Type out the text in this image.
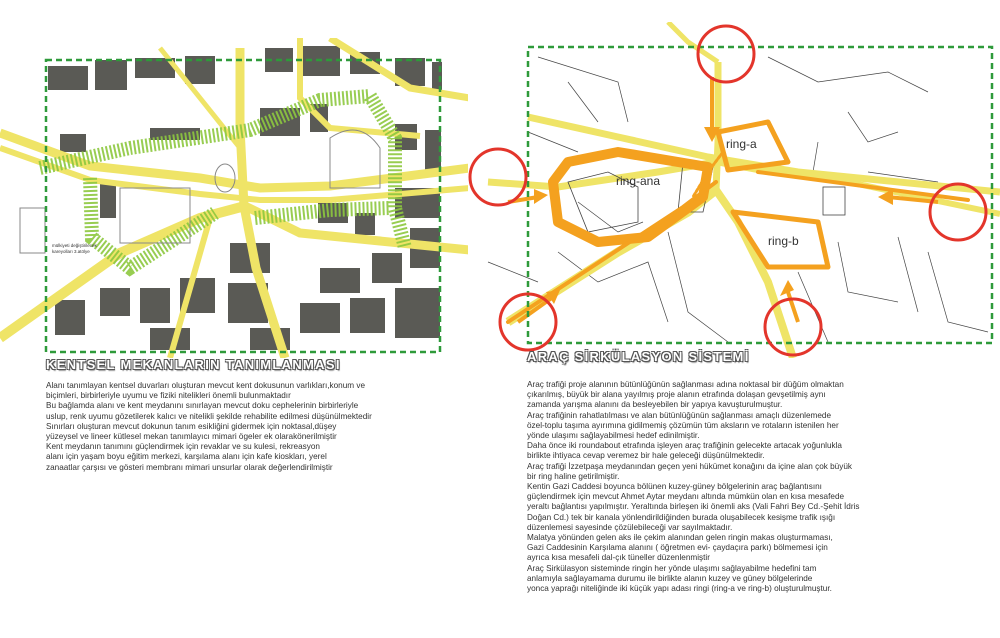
mülkiyeti değiştirilecek
kareyolları 3.atölye
ring-a
ring-ana
ring-b
KENTSEL MEKANLARIN TANIMLANMASI
ARAÇ SİRKÜLASYON SİSTEMİ

Alanı tanımlayan kentsel duvarları oluşturan mevcut kent dokusunun varlıkları,konum ve

biçimleri, birbirleriyle uyumu ve fiziki nitelikleri önemli bulunmaktadır

Bu bağlamda alanı ve kent meydanını sınırlayan mevcut doku cephelerinin birbirleriyle

uslup, renk uyumu gözetilerek kalıcı ve nitelikli şekilde rehabilite edilmesi düşünülmektedir

Sınırları oluşturan mevcut dokunun tanım esikliğini gidermek için noktasal,düşey

yüzeysel ve lineer kütlesel mekan tanımlayıcı mimari ögeler ek olarakönerilmiştir

Kent meydanın tanımını güçlendirmek için revaklar ve su kulesi, rekreasyon

alanı için yaşam boyu eğitim merkezi, karşılama alanı için kafe kioskları, yerel

zanaatlar çarşısı ve gösteri membranı mimari unsurlar olarak değerlendirilmiştir

Araç trafiği proje alanının bütünlüğünün sağlanması adına noktasal bir düğüm olmaktan

çıkarılmış, büyük bir alana yayılmış proje alanın etrafında dolaşan gevşetilmiş aynı

zamanda yarışma alanını da besleyebilen bir yapıya kavuşturulmuştur.

Araç trafiğinin rahatlatılması ve alan bütünlüğünün sağlanması amaçlı düzenlemede

özel-toplu taşıma ayırımına gidilmemiş çözümün tüm aksların ve rotaların istenilen her

yönde ulaşımı sağlayabilmesi hedef edinilmiştir.

Daha önce iki roundabout etrafında işleyen araç trafiğinin gelecekte artacak yoğunlukla

birlikte ihtiyaca cevap veremez bir hale geleceği düşünülmektedir.

Araç trafiği İzzetpaşa meydanından geçen yeni hükümet konağını da içine alan çok büyük

bir ring haline getirilmiştir.

Kentin Gazi Caddesi boyunca bölünen kuzey-güney bölgelerinin araç bağlantısını

güçlendirmek için mevcut Ahmet Aytar meydanı altında mümkün olan en kısa mesafede

yeraltı bağlantısı yapılmıştır. Yeraltında birleşen iki önemli aks (Vali Fahri Bey Cd.-Şehit İdris

Doğan Cd.) tek bir kanala yönlendirildiğinden burada oluşabilecek kesişme trafik ışığı

düzenlemesi sayesinde çözülebileceği var sayılmaktadır.

Malatya yönünden gelen aks ile çekim alanından gelen ringin makas oluşturmaması,

Gazi Caddesinin Karşılama alanını ( öğretmen evi- çaydaçıra parkı) bölmemesi için

ayrıca kısa mesafeli dal-çık tüneller düzenlenmiştir

Araç Sirkülasyon sisteminde ringin her yönde ulaşımı sağlayabilme hedefini tam

anlamıyla sağlayamama durumu ile birlikte alanın kuzey ve güney bölgelerinde

yonca yaprağı niteliğinde iki küçük yapı adası ringi (ring-a ve ring-b) oluşturulmuştur.
